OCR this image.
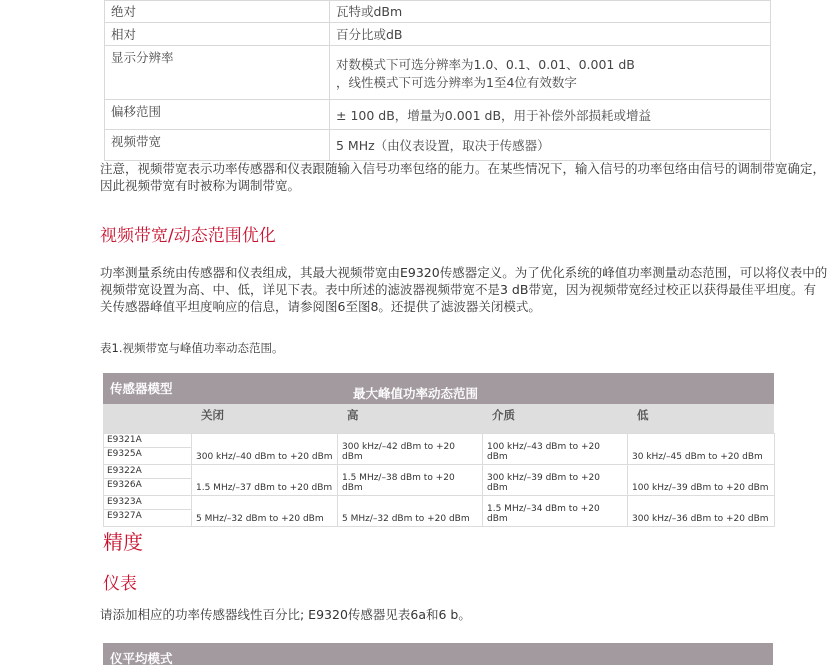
绝对	瓦特或dBm
相对	百分比或dB
显示分辨率	对数模式下可选分辨率为1.0、0.1、0.01、0.001 dB
，线性模式下可选分辨率为1至4位有效数字

偏移范围	± 100 dB，增量为0.001 dB，用于补偿外部损耗或增益
视频带宽	5 MHz（由仪表设置，取决于传感器）

注意，视频带宽表示功率传感器和仪表跟随输入信号功率包络的能力。在某些情况下，输入信号的功率包络由信号的调制带宽确定，因此视频带宽有时被称为调制带宽。

视频带宽/动态范围优化

功率测量系统由传感器和仪表组成，其最大视频带宽由E9320传感器定义。为了优化系统的峰值功率测量动态范围，可以将仪表中的视频带宽设置为高、中、低，详见下表。表中所述的滤波器视频带宽不是3 dB带宽，因为视频带宽经过校正以获得最佳平坦度。有关传感器峰值平坦度响应的信息，请参阅图6至图8。还提供了滤波器关闭模式。

表1.视频带宽与峰值功率动态范围。

传感器模型	最大峰值功率动态范围
关闭	高	介质	低
E9321A
E9325A	300 kHz/–40 dBm to +20 dBm	300 kHz/–42 dBm to +20 dBm	100 kHz/–43 dBm to +20 dBm	30 kHz/–45 dBm to +20 dBm

E9322A
E9326A	1.5 MHz/–37 dBm to +20 dBm	1.5 MHz/–38 dBm to +20 dBm	300 kHz/–39 dBm to +20 dBm	100 kHz/–39 dBm to +20 dBm

E9323A
E9327A	5 MHz/–32 dBm to +20 dBm	5 MHz/–32 dBm to +20 dBm	1.5 MHz/–34 dBm to +20 dBm	300 kHz/–36 dBm to +20 dBm
精度
仪表

请添加相应的功率传感器线性百分比; E9320传感器见表6a和6 b。

仪平均模式
